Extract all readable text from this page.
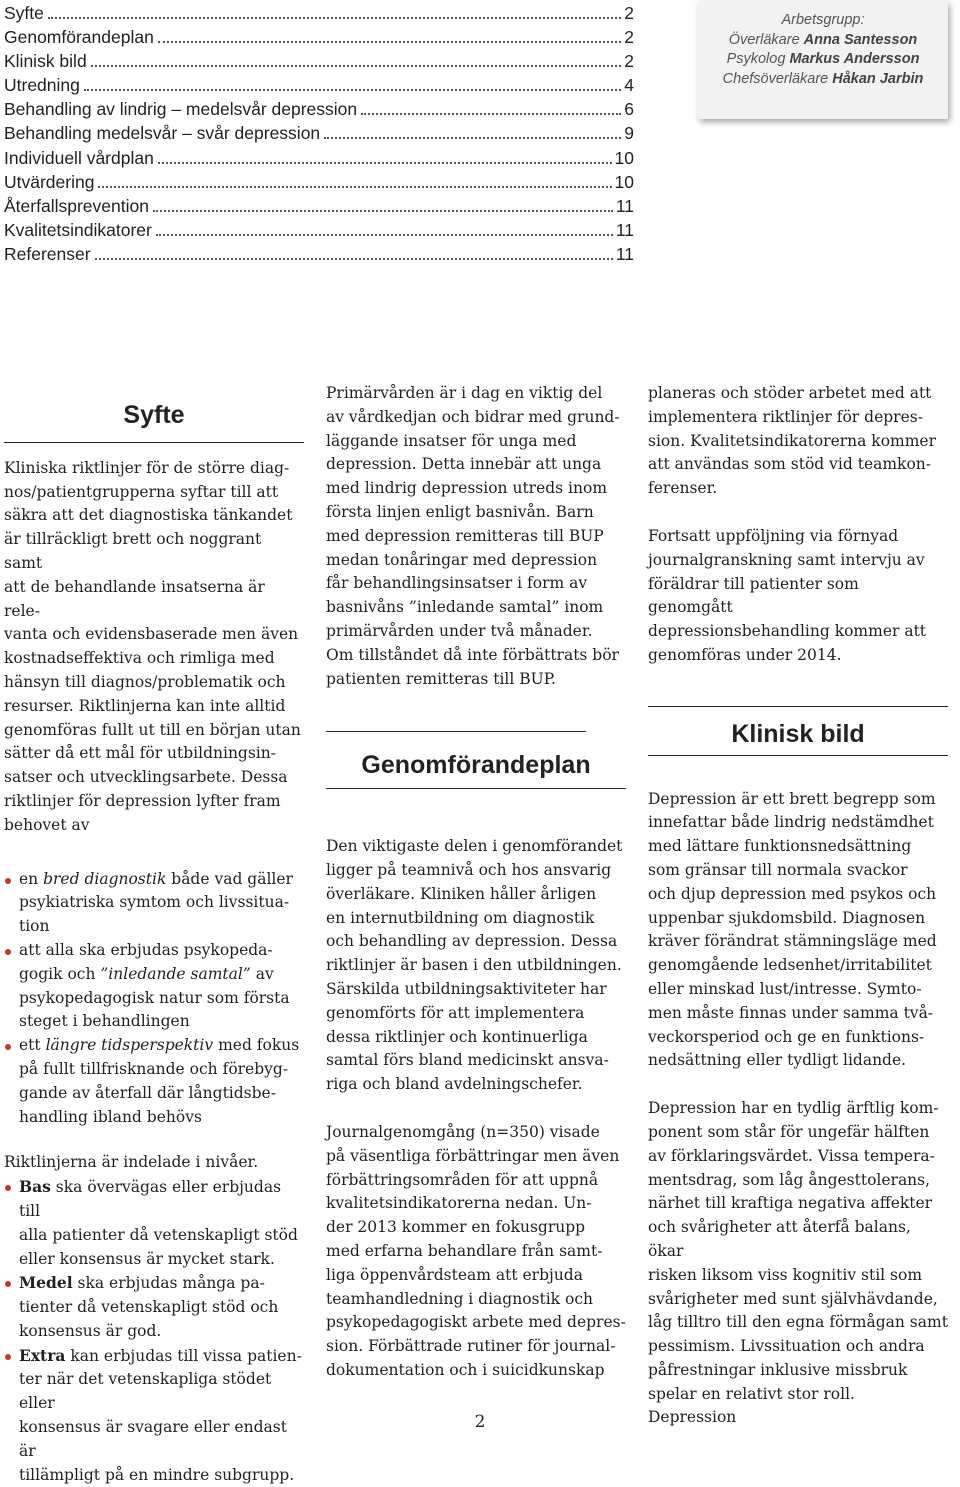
Syfte	2
Genomförandeplan	2
Klinisk bild	2
Utredning	4
Behandling av lindrig – medelsvår depression	6
Behandling medelsvår – svår depression	9
Individuell vårdplan	10
Utvärdering	10
Återfallsprevention	11
Kvalitetsindikatorer	11
Referenser	11
Arbetsgrupp:
Överläkare Anna Santesson
Psykolog Markus Andersson
Chefsöverläkare Håkan Jarbin
Syfte
Kliniska riktlinjer för de större diag-
nos/patientgrupperna syftar till att
säkra att det diagnostiska tänkandet
är tillräckligt brett och noggrant samt
att de behandlande insatserna är rele-
vanta och evidensbaserade men även
kostnadseffektiva och rimliga med
hänsyn till diagnos/problematik och
resurser. Riktlinjerna kan inte alltid
genomföras fullt ut till en början utan
sätter då ett mål för utbildningsin-
satser och utvecklingsarbete. Dessa
riktlinjer för depression lyfter fram
behovet av
en bred diagnostik både vad gäller
psykiatriska symtom och livssitua-
tion
att alla ska erbjudas psykopeda-
gogik och ”inledande samtal” av
psykopedagogisk natur som första
steget i behandlingen
ett längre tidsperspektiv med fokus
på fullt tillfrisknande och förebyg-
gande av återfall där långtidsbe-
handling ibland behövs

Riktlinjerna är indelade i nivåer.

Bas ska övervägas eller erbjudas till
alla patienter då vetenskapligt stöd
eller konsensus är mycket stark.
Medel ska erbjudas många pa-
tienter då vetenskapligt stöd och
konsensus är god.
Extra kan erbjudas till vissa patien-
ter när det vetenskapliga stödet eller
konsensus är svagare eller endast är
tillämpligt på en mindre subgrupp.
Primärvården är i dag en viktig del
av vårdkedjan och bidrar med grund-
läggande insatser för unga med
depression. Detta innebär att unga
med lindrig depression utreds inom
första linjen enligt basnivån. Barn
med depression remitteras till BUP
medan tonåringar med depression
får behandlingsinsatser i form av
basnivåns ”inledande samtal” inom
primärvården under två månader.
Om tillståndet då inte förbättrats bör
patienten remitteras till BUP.
Genomförandeplan
Den viktigaste delen i genomförandet
ligger på teamnivå och hos ansvarig
överläkare. Kliniken håller årligen
en internutbildning om diagnostik
och behandling av depression. Dessa
riktlinjer är basen i den utbildningen.
Särskilda utbildningsaktiviteter har
genomförts för att implementera
dessa riktlinjer och kontinuerliga
samtal förs bland medicinskt ansva-
riga och bland avdelningschefer.
Journalgenomgång (n=350) visade
på väsentliga förbättringar men även
förbättringsområden för att uppnå
kvalitetsindikatorerna nedan. Un-
der 2013 kommer en fokusgrupp
med erfarna behandlare från samt-
liga öppenvårdsteam att erbjuda
teamhandledning i diagnostik och
psykopedagogiskt arbete med depres-
sion. Förbättrade rutiner för journal-
dokumentation och i suicidkunskap
planeras och stöder arbetet med att
implementera riktlinjer för depres-
sion. Kvalitetsindikatorerna kommer
att användas som stöd vid teamkon-
ferenser.
Fortsatt uppföljning via förnyad
journalgranskning samt intervju av
föräldrar till patienter som genomgått
depressionsbehandling kommer att
genomföras under 2014.
Klinisk bild
Depression är ett brett begrepp som
innefattar både lindrig nedstämdhet
med lättare funktionsnedsättning
som gränsar till normala svackor
och djup depression med psykos och
uppenbar sjukdomsbild. Diagnosen
kräver förändrat stämningsläge med
genomgående ledsenhet/irritabilitet
eller minskad lust/intresse. Symto-
men måste finnas under samma två-
veckorsperiod och ge en funktions-
nedsättning eller tydligt lidande.
Depression har en tydlig ärftlig kom-
ponent som står för ungefär hälften
av förklaringsvärdet. Vissa tempera-
mentsdrag, som låg ångesttolerans,
närhet till kraftiga negativa affekter
och svårigheter att återfå balans, ökar
risken liksom viss kognitiv stil som
svårigheter med sunt självhävdande,
låg tilltro till den egna förmågan samt
pessimism. Livssituation och andra
påfrestningar inklusive missbruk
spelar en relativt stor roll. Depression
2
